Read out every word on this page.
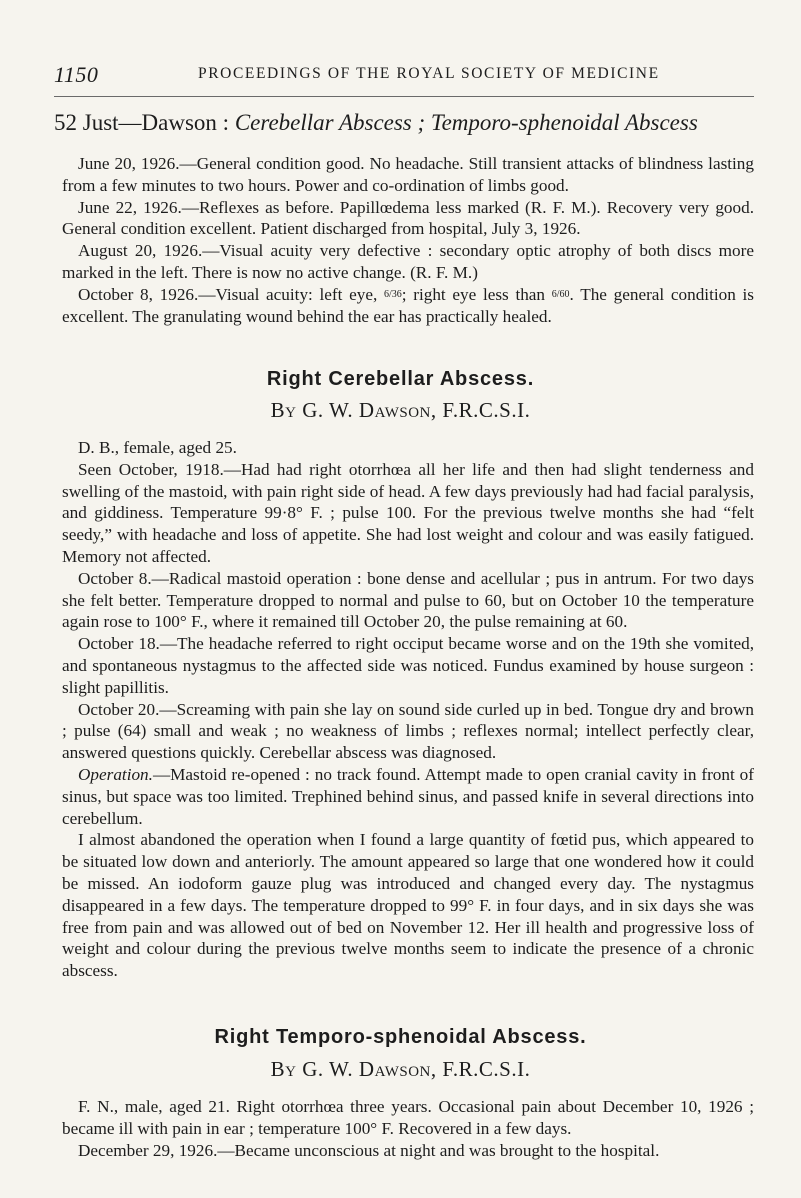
1150	PROCEEDINGS OF THE ROYAL SOCIETY OF MEDICINE
52 Just—Dawson : Cerebellar Abscess ; Temporo-sphenoidal Abscess

June 20, 1926.—General condition good. No headache. Still transient attacks of blindness lasting from a few minutes to two hours. Power and co-ordination of limbs good.

June 22, 1926.—Reflexes as before. Papillœdema less marked (R. F. M.). Recovery very good. General condition excellent. Patient discharged from hospital, July 3, 1926.

August 20, 1926.—Visual acuity very defective : secondary optic atrophy of both discs more marked in the left. There is now no active change. (R. F. M.)

October 8, 1926.—Visual acuity: left eye, 6/36; right eye less than 6/60. The general condition is excellent. The granulating wound behind the ear has practically healed.

Right Cerebellar Abscess.
By G. W. Dawson, F.R.C.S.I.

D. B., female, aged 25.

Seen October, 1918.—Had had right otorrhœa all her life and then had slight tenderness and swelling of the mastoid, with pain right side of head. A few days previously had had facial paralysis, and giddiness. Temperature 99·8° F. ; pulse 100. For the previous twelve months she had “felt seedy,” with headache and loss of appetite. She had lost weight and colour and was easily fatigued. Memory not affected.

October 8.—Radical mastoid operation : bone dense and acellular ; pus in antrum. For two days she felt better. Temperature dropped to normal and pulse to 60, but on October 10 the temperature again rose to 100° F., where it remained till October 20, the pulse remaining at 60.

October 18.—The headache referred to right occiput became worse and on the 19th she vomited, and spontaneous nystagmus to the affected side was noticed. Fundus examined by house surgeon : slight papillitis.

October 20.—Screaming with pain she lay on sound side curled up in bed. Tongue dry and brown ; pulse (64) small and weak ; no weakness of limbs ; reflexes normal; intellect perfectly clear, answered questions quickly. Cerebellar abscess was diagnosed.

Operation.—Mastoid re-opened : no track found. Attempt made to open cranial cavity in front of sinus, but space was too limited. Trephined behind sinus, and passed knife in several directions into cerebellum.

I almost abandoned the operation when I found a large quantity of fœtid pus, which appeared to be situated low down and anteriorly. The amount appeared so large that one wondered how it could be missed. An iodoform gauze plug was introduced and changed every day. The nystagmus disappeared in a few days. The temperature dropped to 99° F. in four days, and in six days she was free from pain and was allowed out of bed on November 12. Her ill health and progressive loss of weight and colour during the previous twelve months seem to indicate the presence of a chronic abscess.

Right Temporo-sphenoidal Abscess.
By G. W. Dawson, F.R.C.S.I.

F. N., male, aged 21. Right otorrhœa three years. Occasional pain about December 10, 1926 ; became ill with pain in ear ; temperature 100° F. Recovered in a few days.

December 29, 1926.—Became unconscious at night and was brought to the hospital.
